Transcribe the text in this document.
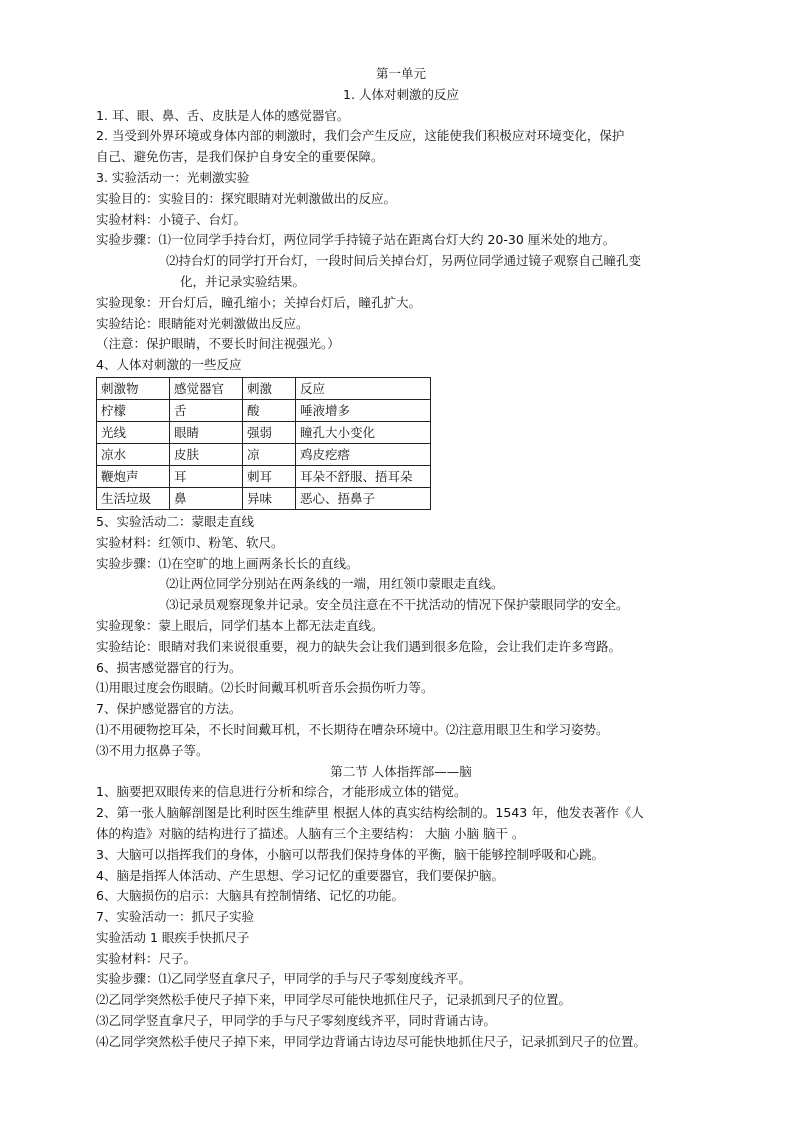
第一单元
1. 人体对刺激的反应
1. 耳、眼、鼻、舌、皮肤是人体的感觉器官。
2. 当受到外界环境或身体内部的刺激时，我们会产生反应，这能使我们积极应对环境变化，保护
自己、避免伤害，是我们保护自身安全的重要保障。
3. 实验活动一：光刺激实验
实验目的：实验目的：探究眼睛对光刺激做出的反应。
实验材料：小镜子、台灯。
实验步骤：⑴一位同学手持台灯，两位同学手持镜子站在距离台灯大约 20-30 厘米处的地方。
⑵持台灯的同学打开台灯，一段时间后关掉台灯，另两位同学通过镜子观察自己瞳孔变
化，并记录实验结果。
实验现象：开台灯后，瞳孔缩小；关掉台灯后，瞳孔扩大。
实验结论：眼睛能对光刺激做出反应。
（注意：保护眼睛，不要长时间注视强光。）
4、人体对刺激的一些反应
刺激物	感觉器官	刺激	反应
柠檬	舌	酸	唾液增多
光线	眼睛	强弱	瞳孔大小变化
凉水	皮肤	凉	鸡皮疙瘩
鞭炮声	耳	刺耳	耳朵不舒服、捂耳朵
生活垃圾	鼻	异味	恶心、捂鼻子
5、实验活动二：蒙眼走直线
实验材料：红领巾、粉笔、软尺。
实验步骤：⑴在空旷的地上画两条长长的直线。
⑵让两位同学分别站在两条线的一端，用红领巾蒙眼走直线。
⑶记录员观察现象并记录。安全员注意在不干扰活动的情况下保护蒙眼同学的安全。
实验现象：蒙上眼后，同学们基本上都无法走直线。
实验结论：眼睛对我们来说很重要，视力的缺失会让我们遇到很多危险，会让我们走许多弯路。
6、损害感觉器官的行为。
⑴用眼过度会伤眼睛。⑵长时间戴耳机听音乐会损伤听力等。
7、保护感觉器官的方法。
⑴不用硬物挖耳朵，不长时间戴耳机，不长期待在嘈杂环境中。⑵注意用眼卫生和学习姿势。
⑶不用力抠鼻子等。
第二节 人体指挥部——脑
1、脑要把双眼传来的信息进行分析和综合，才能形成立体的错觉。
2、第一张人脑解剖图是比利时医生维萨里 根据人体的真实结构绘制的。1543 年，他发表著作《人
体的构造》对脑的结构进行了描述。人脑有三个主要结构： 大脑 小脑 脑干 。
3、大脑可以指挥我们的身体，小脑可以帮我们保持身体的平衡，脑干能够控制呼吸和心跳。
4、脑是指挥人体活动、产生思想、学习记忆的重要器官，我们要保护脑。
6、大脑损伤的启示：大脑具有控制情绪、记忆的功能。
7、实验活动一：抓尺子实验
实验活动 1 眼疾手快抓尺子
实验材料：尺子。
实验步骤：⑴乙同学竖直拿尺子，甲同学的手与尺子零刻度线齐平。
⑵乙同学突然松手使尺子掉下来，甲同学尽可能快地抓住尺子，记录抓到尺子的位置。
⑶乙同学竖直拿尺子，甲同学的手与尺子零刻度线齐平，同时背诵古诗。
⑷乙同学突然松手使尺子掉下来，甲同学边背诵古诗边尽可能快地抓住尺子，记录抓到尺子的位置。
